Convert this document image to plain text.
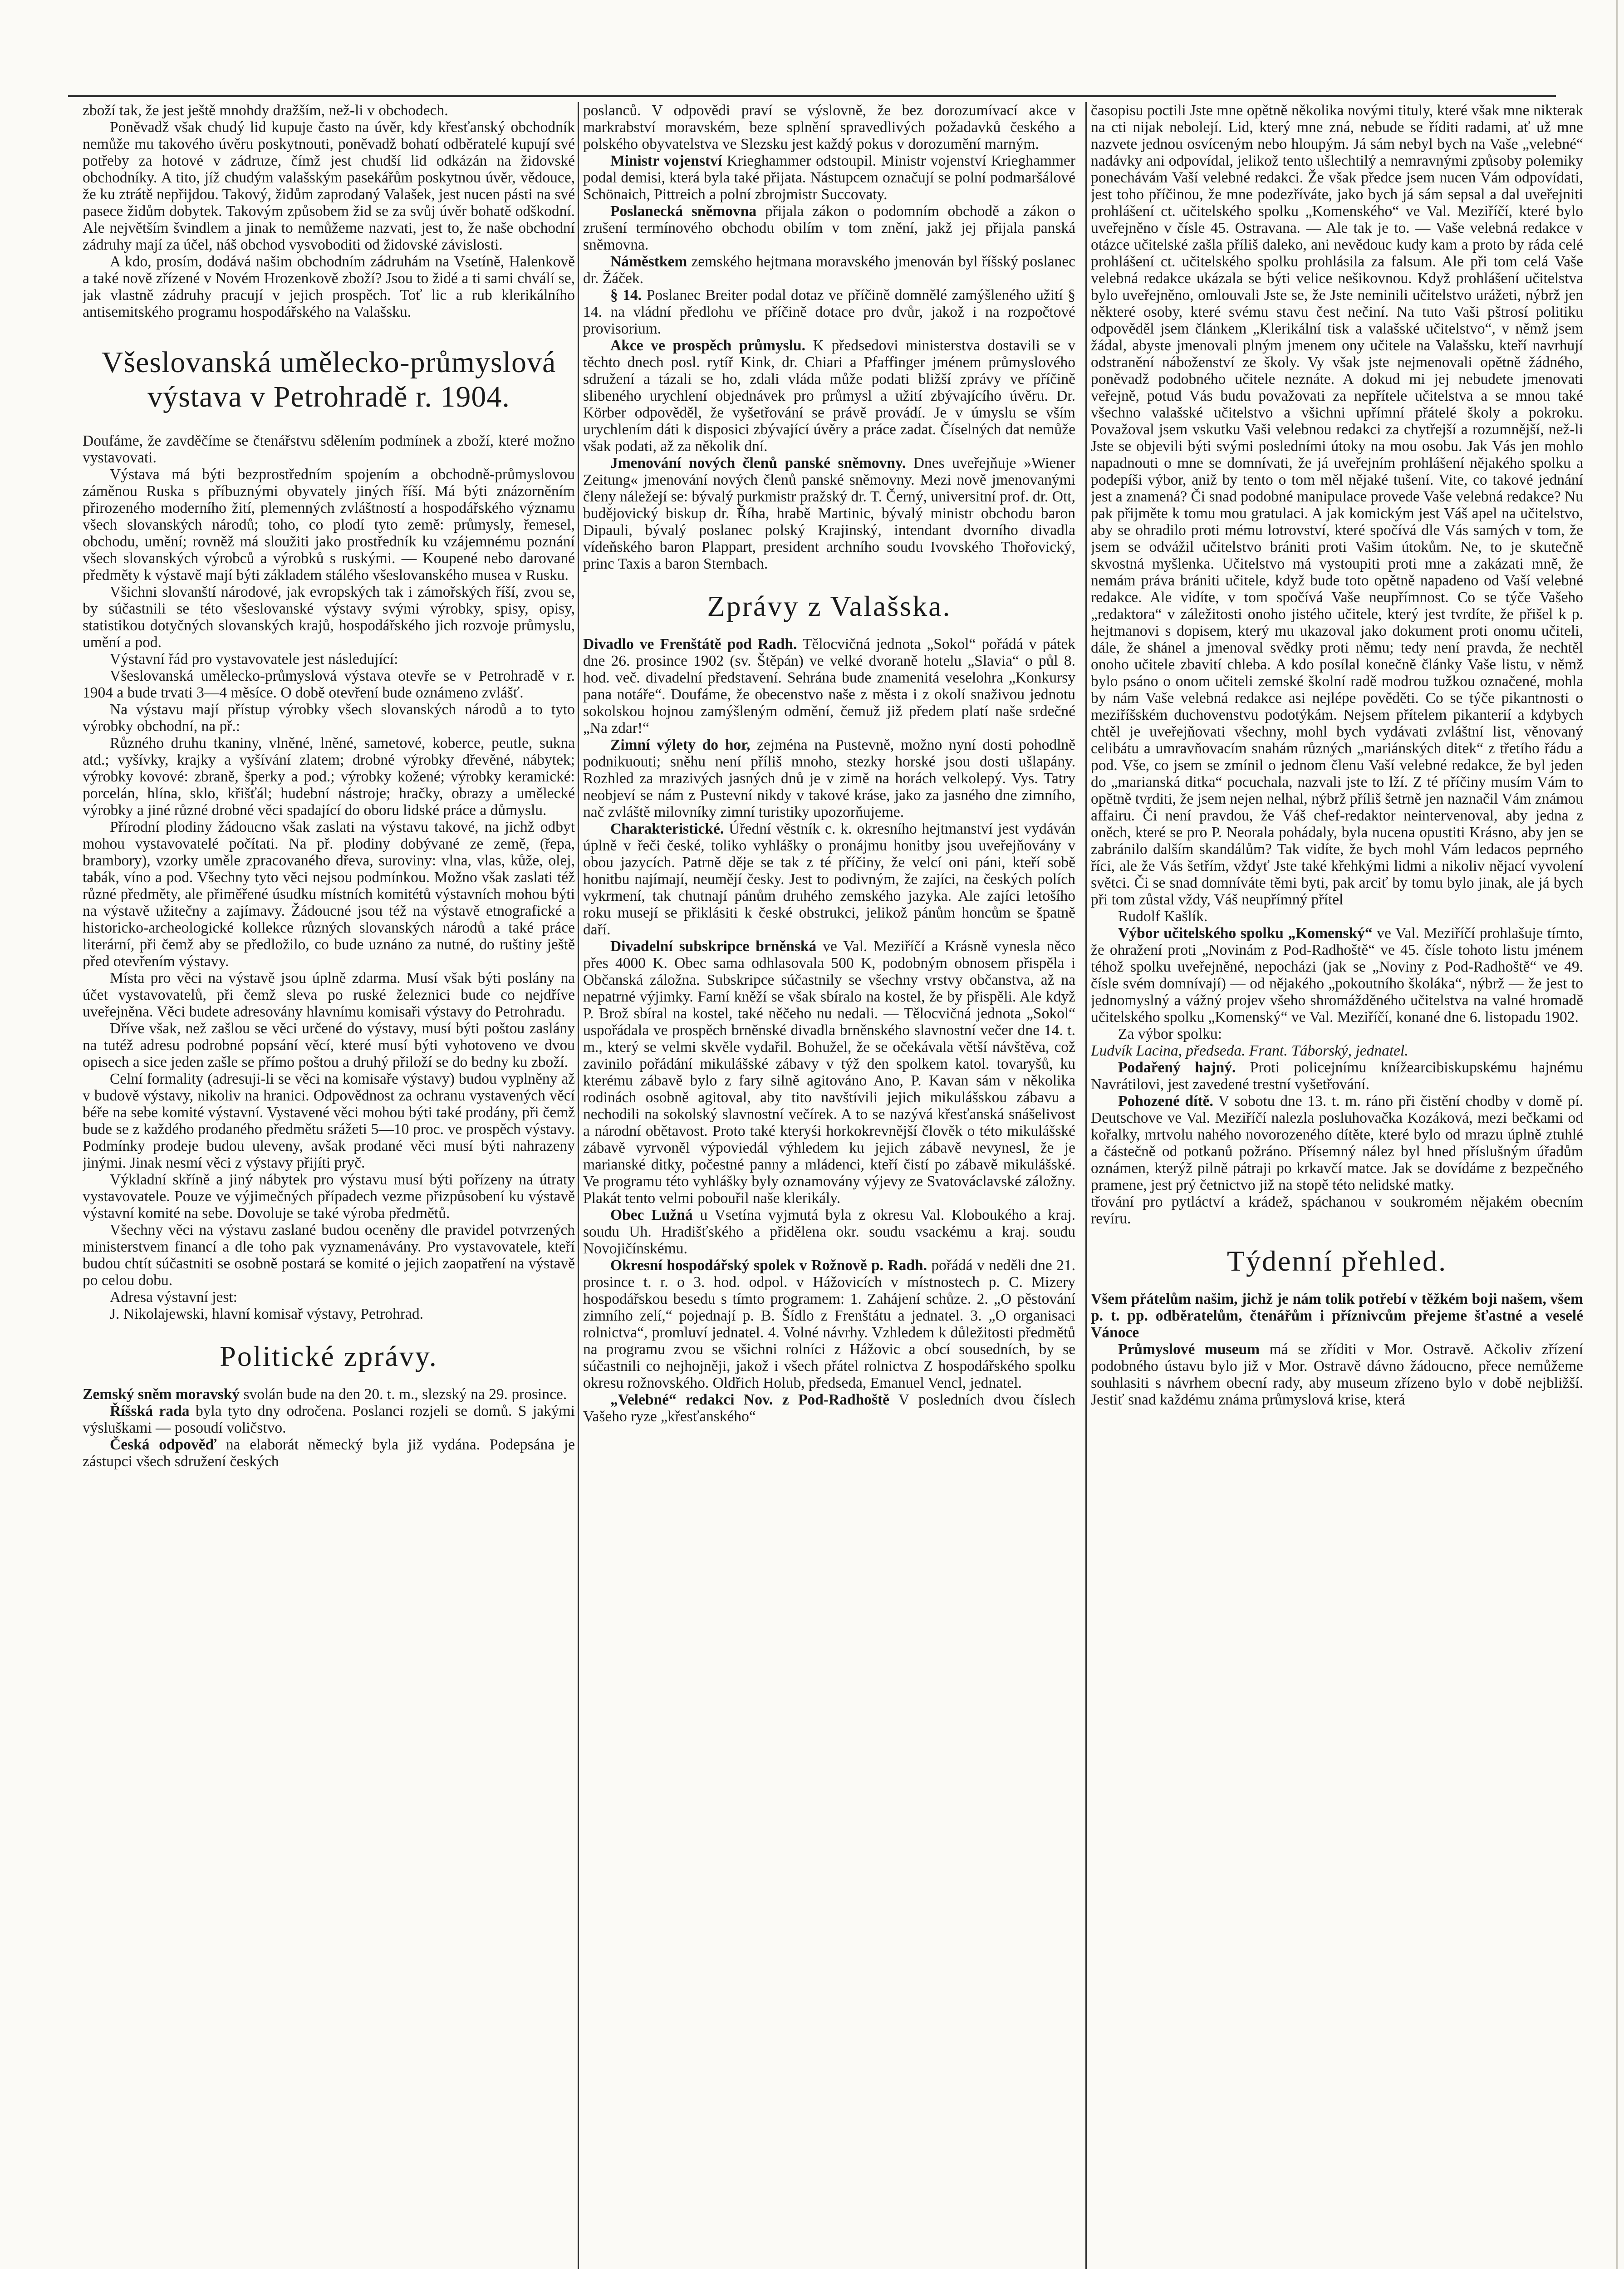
zboží tak, že jest ještě mnohdy dražším, než-li v obchodech.

Poněvadž však chudý lid kupuje často na úvěr, kdy křesťanský obchodník nemůže mu takového úvěru poskytnouti, poněvadž bohatí odběratelé kupují své potřeby za hotové v zádruze, čímž jest chudší lid odkázán na židovské obchodníky. A tito, jíž chudým valašským pasekářům poskytnou úvěr, vědouce, že ku ztrátě nepřijdou. Takový, židům zaprodaný Valašek, jest nucen pásti na své pasece židům dobytek. Takovým způsobem žid se za svůj úvěr bohatě odškodní. Ale největším švindlem a jinak to nemůžeme nazvati, jest to, že naše obchodní zádruhy mají za účel, náš obchod vysvoboditi od židovské závislosti.

A kdo, prosím, dodává našim obchodním zádruhám na Vsetíně, Halenkově a také nově zřízené v Novém Hrozenkově zboží? Jsou to židé a ti sami chválí se, jak vlastně zádruhy pracují v jejich prospěch. Toť lic a rub klerikálního antisemitského programu hospodářského na Valašsku.

Všeslovanská umělecko-průmyslová výstava v Petrohradě r. 1904.

Doufáme, že zavděčíme se čtenářstvu sdělením podmínek a zboží, které možno vystavovati.

Výstava má býti bezprostředním spojením a obchodně-průmyslovou záměnou Ruska s příbuznými obyvately jiných říší. Má býti znázorněním přirozeného moderního žití, plemenných zvláštností a hospodářského významu všech slovanských národů; toho, co plodí tyto země: průmysly, řemesel, obchodu, umění; rovněž má sloužiti jako prostředník ku vzájemnému poznání všech slovanských výrobců a výrobků s ruskými. — Koupené nebo darované předměty k výstavě mají býti základem stálého všeslovanského musea v Rusku.

Všichni slovanští národové, jak evropských tak i zámořských říší, zvou se, by súčastnili se této všeslovanské výstavy svými výrobky, spisy, opisy, statistikou dotyčných slovanských krajů, hospodářského jich rozvoje průmyslu, umění a pod.

Výstavní řád pro vystavovatele jest následující:

Všeslovanská umělecko-průmyslová výstava otevře se v Petrohradě v r. 1904 a bude trvati 3—4 měsíce. O době otevření bude oznámeno zvlášť.

Na výstavu mají přístup výrobky všech slovanských národů a to tyto výrobky obchodní, na př.:

Různého druhu tkaniny, vlněné, lněné, sametové, koberce, peutle, sukna atd.; vyšívky, krajky a vyšívání zlatem; drobné výrobky dřevěné, nábytek; výrobky kovové: zbraně, šperky a pod.; výrobky kožené; výrobky keramické: porcelán, hlína, sklo, křišťál; hudební nástroje; hračky, obrazy a umělecké výrobky a jiné různé drobné věci spadající do oboru lidské práce a důmyslu.

Přírodní plodiny žádoucno však zaslati na výstavu takové, na jichž odbyt mohou vystavovatelé počítati. Na př. plodiny dobývané ze země, (řepa, brambory), vzorky uměle zpracovaného dřeva, suroviny: vlna, vlas, kůže, olej, tabák, víno a pod. Všechny tyto věci nejsou podmínkou. Možno však zaslati též různé předměty, ale přiměřené úsudku místních komitétů výstavních mohou býti na výstavě užitečny a zajímavy. Žádoucné jsou též na výstavě etnografické a historicko-archeologické kollekce různých slovanských národů a také práce literární, při čemž aby se předložilo, co bude uznáno za nutné, do ruštiny ještě před otevřením výstavy.

Místa pro věci na výstavě jsou úplně zdarma. Musí však býti poslány na účet vystavovatelů, při čemž sleva po ruské železnici bude co nejdříve uveřejněna. Věci budete adresovány hlavnímu komisaři výstavy do Petrohradu.

Dříve však, než zašlou se věci určené do výstavy, musí býti poštou zaslány na tutéž adresu podrobné popsání věcí, které musí býti vyhotoveno ve dvou opisech a sice jeden zašle se přímo poštou a druhý přiloží se do bedny ku zboží.

Celní formality (adresuji-li se věci na komisaře výstavy) budou vyplněny až v budově výstavy, nikoliv na hranici. Odpovědnost za ochranu vystavených věcí béře na sebe komité výstavní. Vystavené věci mohou býti také prodány, při čemž bude se z každého prodaného předmětu srážeti 5—10 proc. ve prospěch výstavy. Podmínky prodeje budou uleveny, avšak prodané věci musí býti nahrazeny jinými. Jinak nesmí věci z výstavy přijíti pryč.

Výkladní skříně a jiný nábytek pro výstavu musí býti pořízeny na útraty vystavovatele. Pouze ve výjimečných případech vezme přizpůsobení ku výstavě výstavní komité na sebe. Dovoluje se také výroba předmětů.

Všechny věci na výstavu zaslané budou oceněny dle pravidel potvrzených ministerstvem financí a dle toho pak vyznamenávány. Pro vystavovatele, kteří budou chtít súčastniti se osobně postará se komité o jejich zaopatření na výstavě po celou dobu.

Adresa výstavní jest:

J. Nikolajewski, hlavní komisař výstavy, Petrohrad.

Politické zprávy.

Zemský sněm moravský svolán bude na den 20. t. m., slezský na 29. prosince.

Říšská rada byla tyto dny odročena. Poslanci rozjeli se domů. S jakými výsluškami — posoudí voličstvo.

Česká odpověď na elaborát německý byla již vydána. Podepsána je zástupci všech sdružení českých

poslanců. V odpovědi praví se výslovně, že bez dorozumívací akce v markrabství moravském, beze splnění spravedlivých požadavků českého a polského obyvatelstva ve Slezsku jest každý pokus v dorozumění marným.

Ministr vojenství Krieghammer odstoupil. Ministr vojenství Krieghammer podal demisi, která byla také přijata. Nástupcem označují se polní podmaršálové Schönaich, Pittreich a polní zbrojmistr Succovaty.

Poslanecká sněmovna přijala zákon o podomním obchodě a zákon o zrušení termínového obchodu obilím v tom znění, jakž jej přijala panská sněmovna.

Náměstkem zemského hejtmana moravského jmenován byl říšský poslanec dr. Žáček.

§ 14. Poslanec Breiter podal dotaz ve příčině domnělé zamýšleného užití § 14. na vládní předlohu ve příčině dotace pro dvůr, jakož i na rozpočtové provisorium.

Akce ve prospěch průmyslu. K předsedovi ministerstva dostavili se v těchto dnech posl. rytíř Kink, dr. Chiari a Pfaffinger jménem průmyslového sdružení a tázali se ho, zdali vláda může podati bližší zprávy ve příčině slibeného urychlení objednávek pro průmysl a užití zbývajícího úvěru. Dr. Körber odpověděl, že vyšetřování se právě provádí. Je v úmyslu se vším urychlením dáti k disposici zbývající úvěry a práce zadat. Číselných dat nemůže však podati, až za několik dní.

Jmenování nových členů panské sněmovny. Dnes uveřejňuje »Wiener Zeitung« jmenování nových členů panské sněmovny. Mezi nově jmenovanými členy náležejí se: bývalý purkmistr pražský dr. T. Černý, universitní prof. dr. Ott, budějovický biskup dr. Říha, hrabě Martinic, bývalý ministr obchodu baron Dipauli, bývalý poslanec polský Krajinský, intendant dvorního divadla vídeňského baron Plappart, president archního soudu Ivovského Thořovický, princ Taxis a baron Sternbach.

Zprávy z Valašska.

Divadlo ve Frenštátě pod Radh. Tělocvičná jednota „Sokol“ pořádá v pátek dne 26. prosince 1902 (sv. Štěpán) ve velké dvoraně hotelu „Slavia“ o půl 8. hod. več. divadelní představení. Sehrána bude znamenitá veselohra „Konkursy pana notáře“. Doufáme, že obecenstvo naše z města i z okolí snaživou jednotu sokolskou hojnou zamýšleným odmění, čemuž již předem platí naše srdečné „Na zdar!“

Zimní výlety do hor, zejména na Pustevně, možno nyní dosti pohodlně podnikuouti; sněhu není příliš mnoho, stezky horské jsou dosti ušlapány. Rozhled za mrazivých jasných dnů je v zimě na horách velkolepý. Vys. Tatry neobjeví se nám z Pustevní nikdy v takové kráse, jako za jasného dne zimního, nač zvláště milovníky zimní turistiky upozorňujeme.

Charakteristické. Úřední věstník c. k. okresního hejtmanství jest vydáván úplně v řeči české, toliko vyhlášky o pronájmu honitby jsou uveřejňovány v obou jazycích. Patrně děje se tak z té příčiny, že velcí oni páni, kteří sobě honitbu najímají, neumějí česky. Jest to podivným, že zajíci, na českých polích vykrmení, tak chutnají pánům druhého zemského jazyka. Ale zajíci letošího roku musejí se přiklásiti k české obstrukci, jelikož pánům honcům se špatně daří.

Divadelní subskripce brněnská ve Val. Meziříčí a Krásně vynesla něco přes 4000 K. Obec sama odhlasovala 500 K, podobným obnosem přispěla i Občanská záložna. Subskripce súčastnily se všechny vrstvy občanstva, až na nepatrné výjimky. Farní kněží se však sbíralo na kostel, že by přispěli. Ale když P. Brož sbíral na kostel, také něčeho nu nedali. — Tělocvičná jednota „Sokol“ uspořádala ve prospěch brněnské divadla brněnského slavnostní večer dne 14. t. m., který se velmi skvěle vydařil. Bohužel, že se očekávala větší návštěva, což zavinilo pořádání mikulášské zábavy v týž den spolkem katol. tovaryšů, ku kterému zábavě bylo z fary silně agitováno Ano, P. Kavan sám v několika rodinách osobně agitoval, aby tito navštívili jejich mikulášskou zábavu a nechodili na sokolský slavnostní večírek. A to se nazývá křesťanská snášelivost a národní obětavost. Proto také kteryśi horkokrevnější člověk o této mikulášské zábavě vyrvoněl výpoviedál výhledem ku jejich zábavě nevynesl, že je marianské ditky, počestné panny a mládenci, kteří čistí po zábavě mikulášské. Ve programu této vyhlášky byly oznamovány výjevy ze Svatováclavské záložny. Plakát tento velmi pobouřil naše klerikály.

Obec Lužná u Vsetína vyjmutá byla z okresu Val. Kloboukého a kraj. soudu Uh. Hradišťského a přidělena okr. soudu vsackému a kraj. soudu Novojičínskému.

Okresní hospodářský spolek v Rožnově p. Radh. pořádá v neděli dne 21. prosince t. r. o 3. hod. odpol. v Hážovicích v místnostech p. C. Mizery hospodářskou besedu s tímto programem: 1. Zahájení schůze. 2. „O pěstování zimního zelí,“ pojednají p. B. Šídlo z Frenštátu a jednatel. 3. „O organisaci rolnictva“, promluví jednatel. 4. Volné návrhy. Vzhledem k důležitosti předmětů na programu zvou se všichni rolníci z Hážovic a obcí sousedních, by se súčastnili co nejhojněji, jakož i všech přátel rolnictva Z hospodářského spolku okresu rožnovského. Oldřich Holub, předseda, Emanuel Vencl, jednatel.

„Velebné“ redakci Nov. z Pod-Radhoště V posledních dvou číslech Vašeho ryze „křesťanského“

časopisu poctili Jste mne opětně několika novými tituly, které však mne nikterak na cti nijak nebolejí. Lid, který mne zná, nebude se říditi radami, ať už mne nazvete jednou osvíceným nebo hloupým. Já sám nebyl bych na Vaše „velebné“ nadávky ani odpovídal, jelikož tento ušlechtilý a nemravnými způsoby polemiky ponechávám Vaší velebné redakci. Že však předce jsem nucen Vám odpovídati, jest toho příčinou, že mne podezříváte, jako bych já sám sepsal a dal uveřejniti prohlášení ct. učitelského spolku „Komenského“ ve Val. Meziříčí, které bylo uveřejněno v čísle 45. Ostravana. — Ale tak je to. — Vaše velebná redakce v otázce učitelské zašla příliš daleko, ani nevědouc kudy kam a proto by ráda celé prohlášení ct. učitelského spolku prohlásila za falsum. Ale při tom celá Vaše velebná redakce ukázala se býti velice nešikovnou. Když prohlášení učitelstva bylo uveřejněno, omlouvali Jste se, že Jste neminili učitelstvo urážeti, nýbrž jen některé osoby, které svému stavu čest nečiní. Na tuto Vaši pštrosí politiku odpověděl jsem článkem „Klerikální tisk a valašské učitelstvo“, v němž jsem žádal, abyste jmenovali plným jmenem ony učitele na Valašsku, kteří navrhují odstranění náboženství ze školy. Vy však jste nejmenovali opětně žádného, poněvadž podobného učitele neznáte. A dokud mi jej nebudete jmenovati veřejně, potud Vás budu považovati za nepřítele učitelstva a se mnou také všechno valašské učitelstvo a všichni upřímní přátelé školy a pokroku. Považoval jsem vskutku Vaši velebnou redakci za chytřejší a rozumnější, než-li Jste se objevili býti svými posledními útoky na mou osobu. Jak Vás jen mohlo napadnouti o mne se domnívati, že já uveřejním prohlášení nějakého spolku a podepíši výbor, aniž by tento o tom měl nějaké tušení. Vite, co takové jednání jest a znamená? Či snad podobné manipulace provede Vaše velebná redakce? Nu pak přijměte k tomu mou gratulaci. A jak komickým jest Váš apel na učitelstvo, aby se ohradilo proti mému lotrovství, které spočívá dle Vás samých v tom, že jsem se odvážil učitelstvo brániti proti Vašim útokům. Ne, to je skutečně skvostná myšlenka. Učitelstvo má vystoupiti proti mne a zakázati mně, že nemám práva brániti učitele, když bude toto opětně napadeno od Vaší velebné redakce. Ale vidíte, v tom spočívá Vaše neupřímnost. Co se týče Vašeho „redaktora“ v záležitosti onoho jistého učitele, který jest tvrdíte, že přišel k p. hejtmanovi s dopisem, který mu ukazoval jako dokument proti onomu učiteli, dále, že shánel a jmenoval svědky proti němu; tedy není pravda, že nechtěl onoho učitele zbavití chleba. A kdo posílal konečně články Vaše listu, v němž bylo psáno o onom učiteli zemské školní radě modrou tužkou označené, mohla by nám Vaše velebná redakce asi nejlépe pověděti. Co se týče pikantnosti o meziříšském duchovenstvu podotýkám. Nejsem přítelem pikanterií a kdybych chtěl je uveřejňovati všechny, mohl bych vydávati zvláštní list, věnovaný celibátu a umravňovacím snahám různých „mariánských ditek“ z třetího řádu a pod. Vše, co jsem se zmínil o jednom členu Vaší velebné redakce, že byl jeden do „marianská ditka“ pocuchala, nazvali jste to lží. Z té příčiny musím Vám to opětně tvrditi, že jsem nejen nelhal, nýbrž příliš šetrně jen naznačil Vám známou affairu. Či není pravdou, že Váš chef-redaktor neintervenoval, aby jedna z oněch, které se pro P. Neorala pohádaly, byla nucena opustiti Krásno, aby jen se zabránilo dalším skandálům? Tak vidíte, že bych mohl Vám ledacos peprného říci, ale že Vás šetřím, vždyť Jste také křehkými lidmi a nikoliv nějací vyvolení světci. Či se snad domníváte těmi byti, pak arciť by tomu bylo jinak, ale já bych při tom zůstal vždy, Váš neupřímný přítel

Rudolf Kašlík.

Výbor učitelského spolku „Komenský“ ve Val. Meziříčí prohlašuje tímto, že ohražení proti „Novinám z Pod-Radhoště“ ve 45. čísle tohoto listu jménem téhož spolku uveřejněné, nepocházi (jak se „Noviny z Pod-Radhoště“ ve 49. čísle svém domnívají) — od nějakého „pokoutního školáka“, nýbrž — že jest to jednomyslný a vážný projev všeho shromážděného učitelstva na valné hromadě učitelského spolku „Komenský“ ve Val. Meziříčí, konané dne 6. listopadu 1902.

Za výbor spolku:

Ludvík Lacina, předseda. Frant. Táborský, jednatel.

Podařený hajný. Proti policejnímu knížearcibiskupskému hajnému Navrátilovi, jest zavedené trestní vyšetřování.

Pohozené dítě. V sobotu dne 13. t. m. ráno při čistění chodby v domě pí. Deutschove ve Val. Meziříčí nalezla posluhovačka Kozáková, mezi bečkami od kořalky, mrtvolu nahého novorozeného dítěte, které bylo od mrazu úplně ztuhlé a částečně od potkanů požráno. Přísemný nález byl hned příslušným úřadům oznámen, kterýž pilně pátraji po krkavčí matce. Jak se dovídáme z bezpečného pramene, jest prý četnictvo již na stopě této nelidské matky.

třování pro pytláctví a krádež, spáchanou v soukromém nějakém obecním revíru.

Týdenní přehled.

Všem přátelům našim, jichž je nám tolik potřebí v těžkém boji našem, všem p. t. pp. odběratelům, čtenářům i příznivcům přejeme šťastné a veselé Vánoce

Průmyslové museum má se zříditi v Mor. Ostravě. Ačkoliv zřízení podobného ústavu bylo již v Mor. Ostravě dávno žádoucno, přece nemůžeme souhlasiti s návrhem obecní rady, aby museum zřízeno bylo v době nejbližší. Jestiť snad každému známa průmyslová krise, která
